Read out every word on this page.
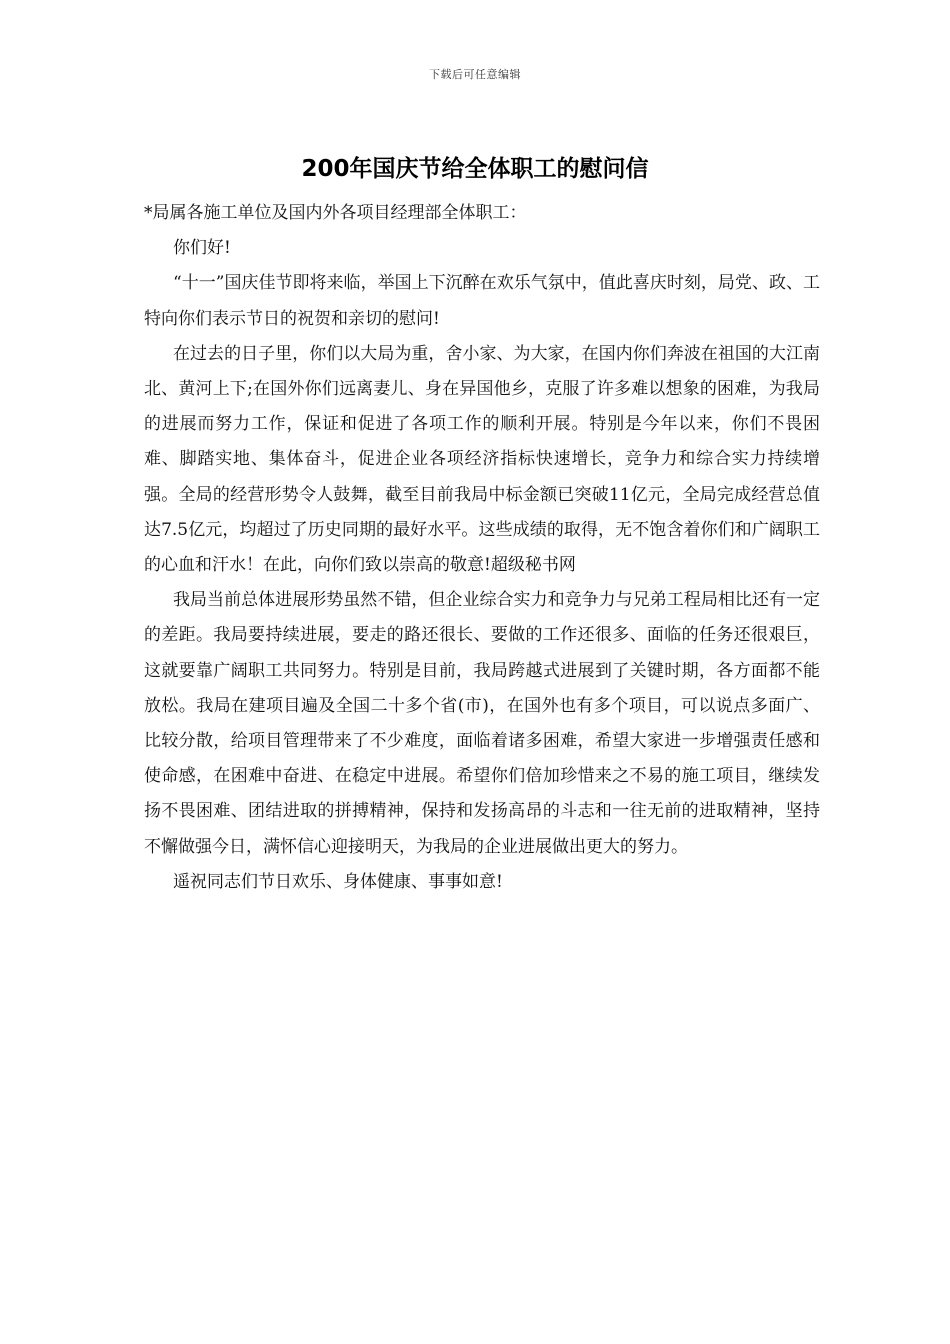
下载后可任意编辑
200年国庆节给全体职工的慰问信

*局属各施工单位及国内外各项目经理部全体职工：

你们好!

“十一”国庆佳节即将来临，举国上下沉醉在欢乐气氛中，值此喜庆时刻，局党、政、工特向你们表示节日的祝贺和亲切的慰问!

在过去的日子里，你们以大局为重，舍小家、为大家，在国内你们奔波在祖国的大江南北、黄河上下;在国外你们远离妻儿、身在异国他乡，克服了许多难以想象的困难，为我局的进展而努力工作，保证和促进了各项工作的顺利开展。特别是今年以来，你们不畏困难、脚踏实地、集体奋斗，促进企业各项经济指标快速增长，竞争力和综合实力持续增强。全局的经营形势令人鼓舞，截至目前我局中标金额已突破11亿元，全局完成经营总值达7.5亿元，均超过了历史同期的最好水平。这些成绩的取得，无不饱含着你们和广阔职工的心血和汗水！在此，向你们致以崇高的敬意!超级秘书网

我局当前总体进展形势虽然不错，但企业综合实力和竞争力与兄弟工程局相比还有一定的差距。我局要持续进展，要走的路还很长、要做的工作还很多、面临的任务还很艰巨，这就要靠广阔职工共同努力。特别是目前，我局跨越式进展到了关键时期，各方面都不能放松。我局在建项目遍及全国二十多个省(市)，在国外也有多个项目，可以说点多面广、比较分散，给项目管理带来了不少难度，面临着诸多困难，希望大家进一步增强责任感和使命感，在困难中奋进、在稳定中进展。希望你们倍加珍惜来之不易的施工项目，继续发扬不畏困难、团结进取的拼搏精神，保持和发扬高昂的斗志和一往无前的进取精神，坚持不懈做强今日，满怀信心迎接明天，为我局的企业进展做出更大的努力。

遥祝同志们节日欢乐、身体健康、事事如意!
